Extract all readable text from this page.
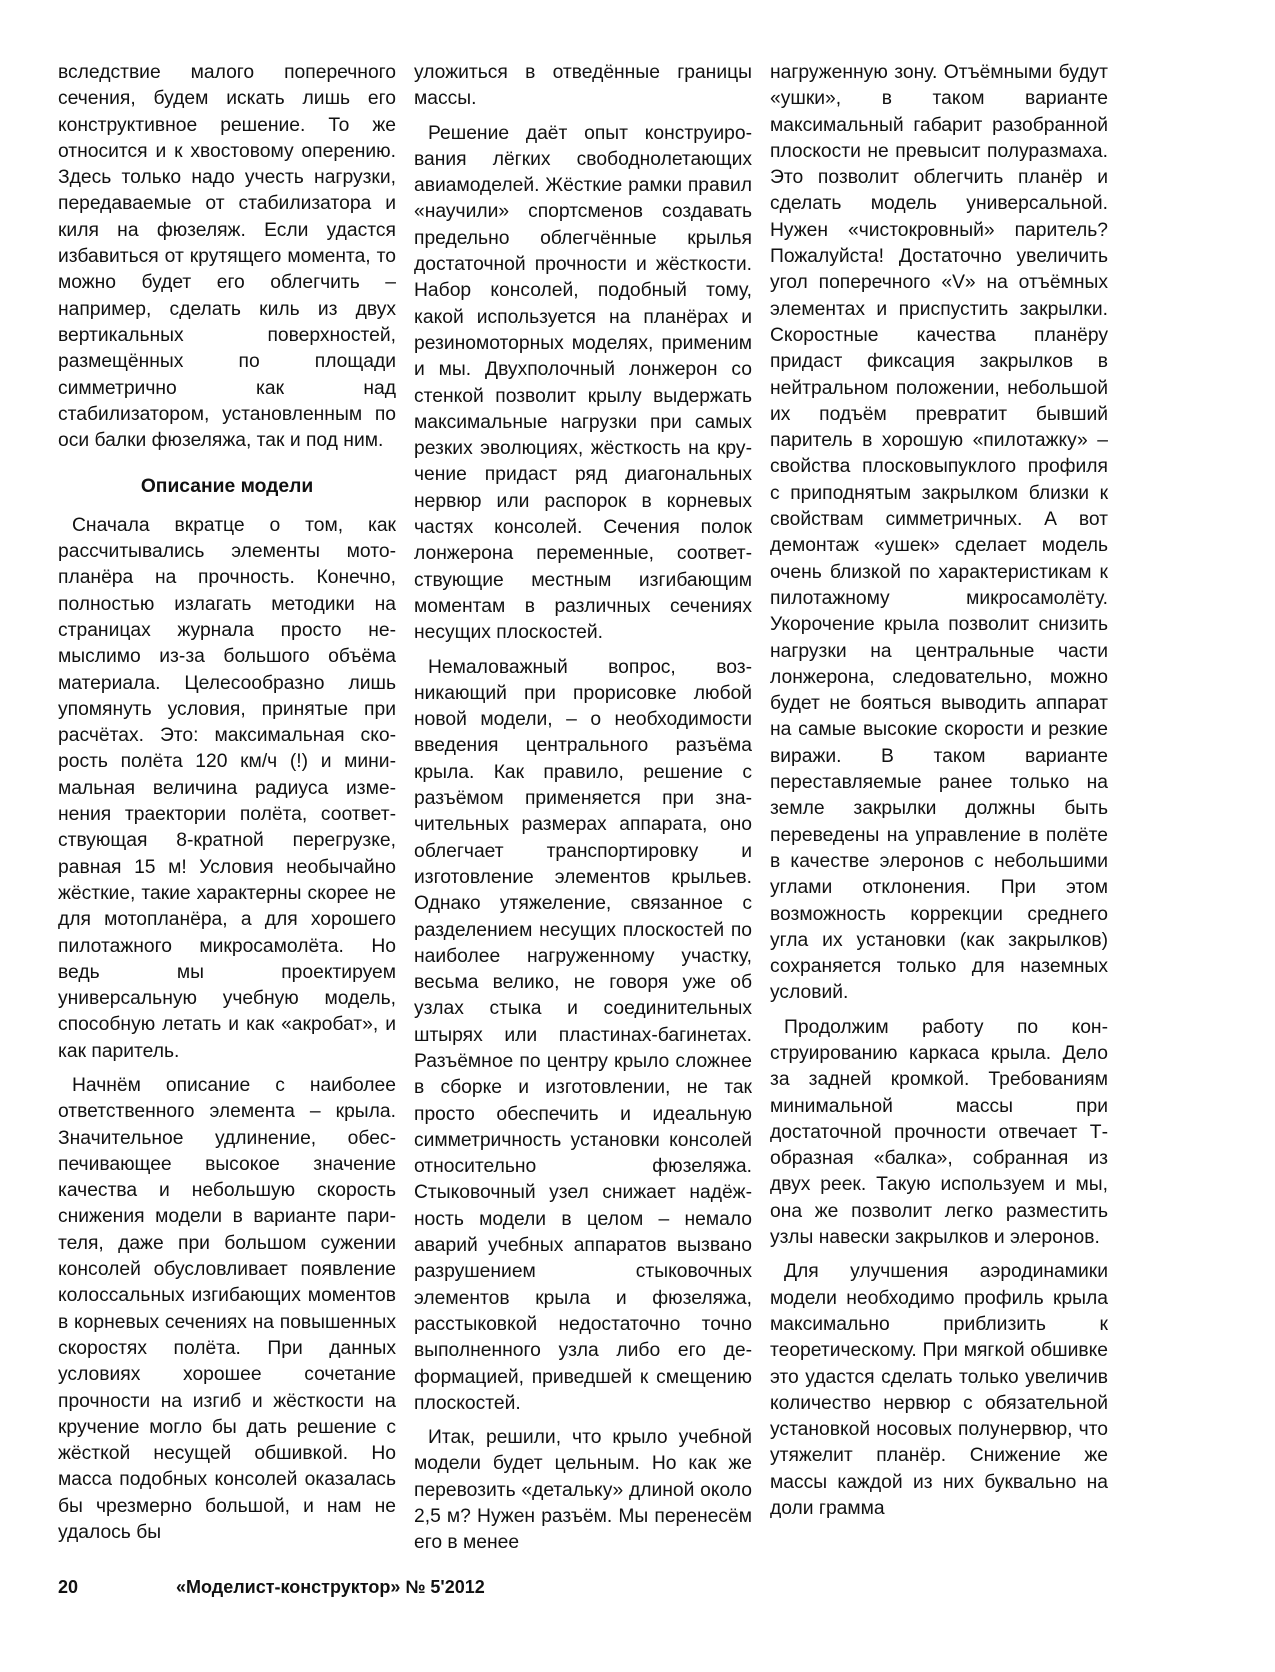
вследствие малого поперечного сечения, будем искать лишь его конструктивное решение. То же относится и к хвостовому оперению. Здесь только надо учесть нагрузки, передаваемые от стабилизатора и киля на фюзеляж. Если удастся избавиться от крутящего момента, то можно будет его облегчить – например, сделать киль из двух вертикальных поверхностей, размещённых по площади симметрично как над стабилизатором, установленным по оси балки фюзеляжа, так и под ним.

Описание модели

Сначала вкратце о том, как рассчитывались элементы мотопланёра на прочность. Конечно, полностью излагать методики на страницах журнала просто немыслимо из-за большого объёма материала. Целесообразно лишь упомянуть условия, принятые при расчётах. Это: максимальная скорость полёта 120 км/ч (!) и минимальная величина радиуса изменения траектории полёта, соответствующая 8-кратной перегрузке, равная 15 м! Условия необычайно жёсткие, такие характерны скорее не для мотопланёра, а для хорошего пилотажного микросамолёта. Но ведь мы проектируем универсальную учебную модель, способную летать и как «акробат», и как паритель.

Начнём описание с наиболее ответственного элемента – крыла. Значительное удлинение, обеспечивающее высокое значение качества и небольшую скорость снижения модели в варианте парителя, даже при большом сужении консолей обусловливает появление колоссальных изгибающих моментов в корневых сечениях на повышенных скоростях полёта. При данных условиях хорошее сочетание прочности на изгиб и жёсткости на кручение могло бы дать решение с жёсткой несущей обшивкой. Но масса подобных консолей оказалась бы чрезмерно большой, и нам не удалось бы

уложиться в отведённые границы массы.

Решение даёт опыт конструирования лёгких свободнолетающих авиамоделей. Жёсткие рамки правил «научили» спортсменов создавать предельно облегчённые крылья достаточной прочности и жёсткости. Набор консолей, подобный тому, какой используется на планёрах и резиномоторных моделях, применим и мы. Двухполочный лонжерон со стенкой позволит крылу выдержать максимальные нагрузки при самых резких эволюциях, жёсткость на кручение придаст ряд диагональных нервюр или распорок в корневых частях консолей. Сечения полок лонжерона переменные, соответствующие местным изгибающим моментам в различных сечениях несущих плоскостей.

Немаловажный вопрос, возникающий при прорисовке любой новой модели, – о необходимости введения центрального разъёма крыла. Как правило, решение с разъёмом применяется при значительных размерах аппарата, оно облегчает транспортировку и изготовление элементов крыльев. Однако утяжеление, связанное с разделением несущих плоскостей по наиболее нагруженному участку, весьма велико, не говоря уже об узлах стыка и соединительных штырях или пластинах-багинетах. Разъёмное по центру крыло сложнее в сборке и изготовлении, не так просто обеспечить и идеальную симметричность установки консолей относительно фюзеляжа. Стыковочный узел снижает надёжность модели в целом – немало аварий учебных аппаратов вызвано разрушением стыковочных элементов крыла и фюзеляжа, расстыковкой недостаточно точно выполненного узла либо его деформацией, приведшей к смещению плоскостей.

Итак, решили, что крыло учебной модели будет цельным. Но как же перевозить «детальку» длиной около 2,5 м? Нужен разъём. Мы перенесём его в менее

нагруженную зону. Отъёмными будут «ушки», в таком варианте максимальный габарит разобранной плоскости не превысит полуразмаха. Это позволит облегчить планёр и сделать модель универсальной. Нужен «чистокровный» паритель? Пожалуйста! Достаточно увеличить угол поперечного «V» на отъёмных элементах и приспустить закрылки. Скоростные качества планёру придаст фиксация закрылков в нейтральном положении, небольшой их подъём превратит бывший паритель в хорошую «пилотажку» – свойства плосковыпуклого профиля с приподнятым закрылком близки к свойствам симметричных. А вот демонтаж «ушек» сделает модель очень близкой по характеристикам к пилотажному микросамолёту. Укорочение крыла позволит снизить нагрузки на центральные части лонжерона, следовательно, можно будет не бояться выводить аппарат на самые высокие скорости и резкие виражи. В таком варианте переставляемые ранее только на земле закрылки должны быть переведены на управление в полёте в качестве элеронов с небольшими углами отклонения. При этом возможность коррекции среднего угла их установки (как закрылков) сохраняется только для наземных условий.

Продолжим работу по конструированию каркаса крыла. Дело за задней кромкой. Требованиям минимальной массы при достаточной прочности отвечает Т-образная «балка», собранная из двух реек. Такую используем и мы, она же позволит легко разместить узлы навески закрылков и элеронов.

Для улучшения аэродинамики модели необходимо профиль крыла максимально приблизить к теоретическому. При мягкой обшивке это удастся сделать только увеличив количество нервюр с обязательной установкой носовых полунервюр, что утяжелит планёр. Снижение же массы каждой из них буквально на доли грамма

20	«Моделист-конструктор» № 5'2012
